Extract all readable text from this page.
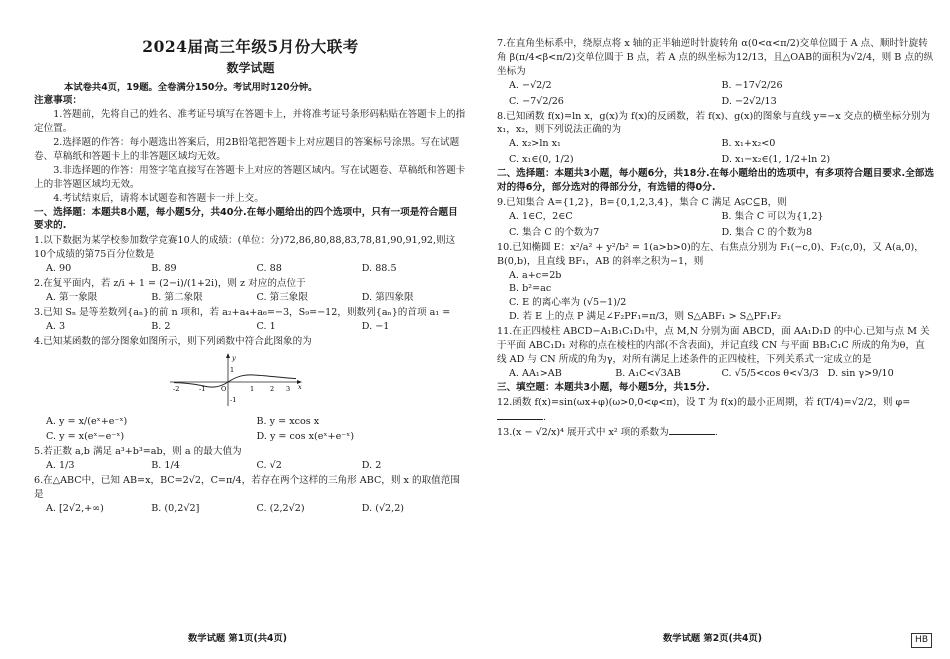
2024届高三年级5月份大联考
数学试题
本试卷共4页，19题。全卷满分150分。考试用时120分钟。
注意事项：

1.答题前，先将自己的姓名、准考证号填写在答题卡上，并将准考证号条形码粘贴在答题卡上的指定位置。

2.选择题的作答：每小题选出答案后，用2B铅笔把答题卡上对应题目的答案标号涂黑。写在试题卷、草稿纸和答题卡上的非答题区域均无效。

3.非选择题的作答：用签字笔直接写在答题卡上对应的答题区域内。写在试题卷、草稿纸和答题卡上的非答题区域均无效。

4.考试结束后，请将本试题卷和答题卡一并上交。

一、选择题：本题共8小题，每小题5分，共40分.在每小题给出的四个选项中，只有一项是符合题目要求的.

1.以下数据为某学校参加数学竞赛10人的成绩：(单位：分)72,86,80,88,83,78,81,90,91,92,则这10个成绩的第75百分位数是

A. 90	B. 89	C. 88	D. 88.5

2.在复平面内，若 z/i + 1 = (2−i)/(1+2i)，则 z 对应的点位于

A. 第一象限	B. 第二象限	C. 第三象限	D. 第四象限

3.已知 Sₙ 是等差数列{aₙ}的前 n 项和，若 a₂+a₄+a₆=−3，S₉=−12，则数列{aₙ}的首项 a₁ =

A. 3	B. 2	C. 1	D. −1

4.已知某函数的部分图象如图所示，则下列函数中符合此图象的为

-2	-1 O	1 2 3
1
-1
x
y
A. y = x/(eˣ+e⁻ˣ)	B. y = xcos x
C. y = x(eˣ−e⁻ˣ)	D. y = cos x(eˣ+e⁻ˣ)

5.若正数 a,b 满足 a³+b³=ab，则 a 的最大值为

A. 1/3	B. 1/4	C. √2	D. 2

6.在△ABC中，已知 AB=x，BC=2√2，C=π/4，若存在两个这样的三角形 ABC，则 x 的取值范围是

A. [2√2,+∞)	B. (0,2√2]	C. (2,2√2)	D. (√2,2)
数学试题 第1页(共4页)

7.在直角坐标系中，绕原点将 x 轴的正半轴逆时针旋转角 α(0<α<π/2)交单位圆于 A 点、顺时针旋转角 β(π/4<β<π/2)交单位圆于 B 点，若 A 点的纵坐标为12/13，且△OAB的面积为√2/4，则 B 点的纵坐标为

A. −√2/2	B. −17√2/26
C. −7√2/26	D. −2√2/13

8.已知函数 f(x)=ln x，g(x)为 f(x)的反函数，若 f(x)、g(x)的图象与直线 y=−x 交点的横坐标分别为 x₁，x₂，则下列说法正确的为

A. x₂>ln x₁	B. x₁+x₂<0
C. x₁∈(0, 1/2)	D. x₁−x₂∈(1, 1/2+ln 2)
二、选择题：本题共3小题，每小题6分，共18分.在每小题给出的选项中，有多项符合题目要求.全部选对的得6分，部分选对的得部分分，有选错的得0分.

9.已知集合 A={1,2}，B={0,1,2,3,4}，集合 C 满足 A⫋C⊆B，则

A. 1∈C，2∈C	B. 集合 C 可以为{1,2}
C. 集合 C 的个数为7	D. 集合 C 的个数为8

10.已知椭圆 E：x²/a² + y²/b² = 1(a>b>0)的左、右焦点分别为 F₁(−c,0)、F₂(c,0)，又 A(a,0)，B(0,b)，且直线 BF₁，AB 的斜率之积为−1，则

A. a+c=2b
B. b²=ac
C. E 的离心率为 (√5−1)/2
D. 若 E 上的点 P 满足∠F₂PF₁=π/3，则 S△ABF₁ > S△PF₁F₂

11.在正四棱柱 ABCD−A₁B₁C₁D₁中，点 M,N 分别为面 ABCD，面 AA₁D₁D 的中心.已知与点 M 关于平面 ABC₁D₁ 对称的点在棱柱的内部(不含表面)，并记直线 CN 与平面 BB₁C₁C 所成的角为θ，直线 AD 与 CN 所成的角为γ，对所有满足上述条件的正四棱柱，下列关系式一定成立的是

A. AA₁>AB	B. A₁C<√3AB	C. √5/5<cos θ<√3/3 D. sin γ>9/10
三、填空题：本题共3小题，每小题5分，共15分.

12.函数 f(x)=sin(ωx+φ)(ω>0,0<φ<π)，设 T 为 f(x)的最小正周期，若 f(T/4)=√2/2，则 φ=.

13.(x − √2/x)⁴ 展开式中 x² 项的系数为	.

数学试题 第2页(共4页)	HB
